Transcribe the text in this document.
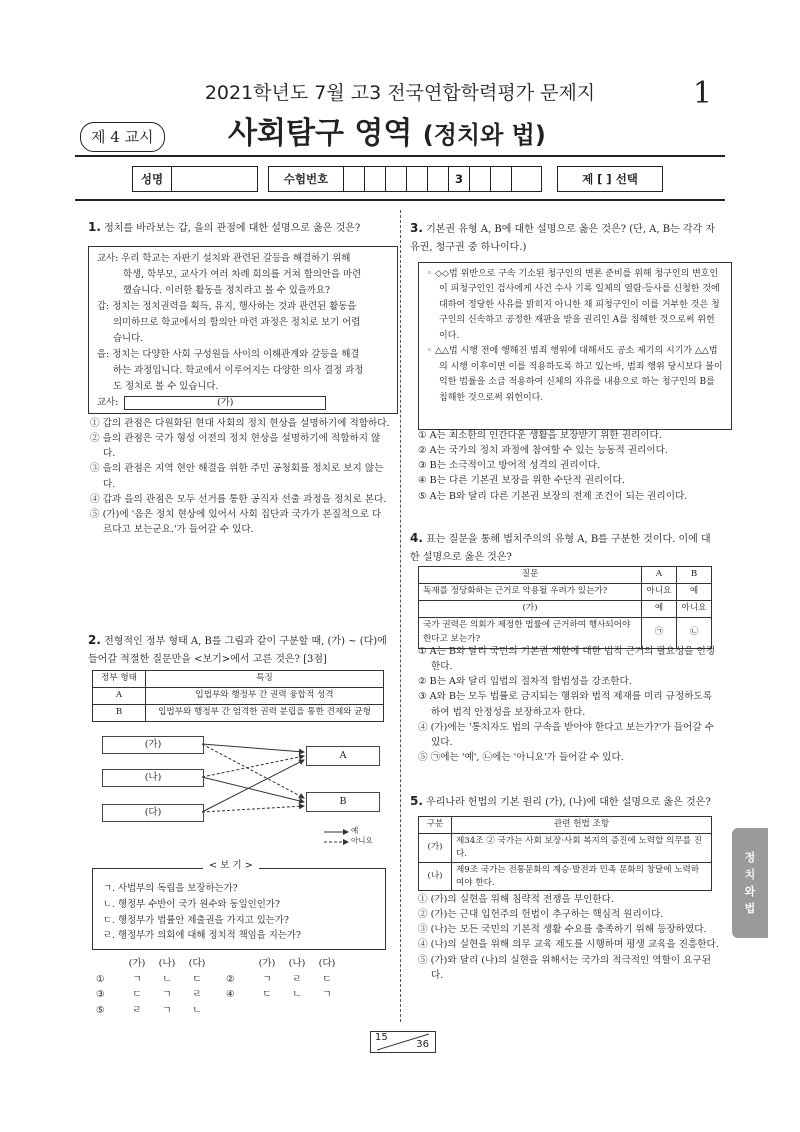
2021학년도 7월 고3 전국연합학력평가 문제지	1
제 4 교시	사회탐구 영역 (정치와 법)
성명	수험번호	3	제 [ ] 선택
1. 정치를 바라보는 갑, 을의 관점에 대한 설명으로 옳은 것은?
교사: 우리 학교는 자판기 설치와 관련된 갈등을 해결하기 위해
학생, 학부모, 교사가 여러 차례 회의를 거쳐 합의안을 마련
했습니다. 이러한 활동을 정치라고 볼 수 있을까요?
갑: 정치는 정치권력을 획득, 유지, 행사하는 것과 관련된 활동을
의미하므로 학교에서의 합의안 마련 과정은 정치로 보기 어렵
습니다.
을: 정치는 다양한 사회 구성원들 사이의 이해관계와 갈등을 해결
하는 과정입니다. 학교에서 이루어지는 다양한 의사 결정 과정
도 정치로 볼 수 있습니다.
교사:	(가)
① 갑의 관점은 다원화된 현대 사회의 정치 현상을 설명하기에 적합하다.
② 을의 관점은 국가 형성 이전의 정치 현상을 설명하기에 적합하지 않다.
③ 을의 관점은 지역 현안 해결을 위한 주민 공청회를 정치로 보지 않는다.
④ 갑과 을의 관점은 모두 선거를 통한 공직자 선출 과정을 정치로 본다.
⑤ (가)에 '음은 정치 현상에 있어서 사회 집단과 국가가 본질적으로 다르다고 보는군요.'가 들어갈 수 있다.
2. 전형적인 정부 형태 A, B를 그림과 같이 구분할 때, (가) ~ (다)에 들어갈 적절한 질문만을 <보기>에서 고른 것은? [3점]
정부 형태	특징
A	입법부와 행정부 간 권력 융합적 성격
B	입법부와 행정부 간 엄격한 권력 분립을 통한 견제와 균형
(가)
(나)
(다)
A
B
예
아니요
< 보 기 >
ㄱ. 사법부의 독립을 보장하는가?
ㄴ. 행정부 수반이 국가 원수와 동일인인가?
ㄷ. 행정부가 법률안 제출권을 가지고 있는가?
ㄹ. 행정부가 의회에 대해 정치적 책임을 지는가?
(가)	(나)	(다)	(가)	(나)	(다)
①	ㄱ	ㄴ	ㄷ	②	ㄱ	ㄹ	ㄷ
③	ㄷ	ㄱ	ㄹ	④	ㄷ	ㄴ	ㄱ
⑤	ㄹ	ㄱ	ㄴ
3. 기본권 유형 A, B에 대한 설명으로 옳은 것은? (단, A, B는 각각 자유권, 청구권 중 하나이다.)
◦ ◇◇법 위반으로 구속 기소된 청구인의 변론 준비를 위해 청구인의 변호인이 피청구인인 검사에게 사건 수사 기록 일체의 열람·등사를 신청한 것에 대하여 정당한 사유를 밝히지 아니한 채 피청구인이 이를 거부한 것은 청구인의 신속하고 공정한 재판을 받을 권리인 A를 침해한 것으로써 위헌이다.
◦ △△법 시행 전에 행해진 범죄 행위에 대해서도 공소 제기의 시기가 △△법의 시행 이후이면 이를 적용하도록 하고 있는바, 범죄 행위 당시보다 불이익한 법률을 소급 적용하여 신체의 자유를 내용으로 하는 청구인의 B를 침해한 것으로써 위헌이다.
① A는 최소한의 인간다운 생활을 보장받기 위한 권리이다.
② A는 국가의 정치 과정에 참여할 수 있는 능동적 권리이다.
③ B는 소극적이고 방어적 성격의 권리이다.
④ B는 다른 기본권 보장을 위한 수단적 권리이다.
⑤ A는 B와 달리 다른 기본권 보장의 전제 조건이 되는 권리이다.
4. 표는 질문을 통해 법치주의의 유형 A, B를 구분한 것이다. 이에 대한 설명으로 옳은 것은?
질문	A	B
독재를 정당화하는 근거로 악용될 우려가 있는가?	아니요	예
(가)	예	아니요
국가 권력은 의회가 제정한 법률에 근거하여 행사되어야 한다고 보는가?	㉠	㉡
① A는 B와 달리 국민의 기본권 제한에 대한 법적 근거의 필요성을 인정한다.
② B는 A와 달리 입법의 절차적 합법성을 강조한다.
③ A와 B는 모두 법률로 금지되는 행위와 법적 제재를 미리 규정하도록 하여 법적 안정성을 보장하고자 한다.
④ (가)에는 '통치자도 법의 구속을 받아야 한다고 보는가?'가 들어갈 수 있다.
⑤ ㉠에는 '예', ㉡에는 '아니요'가 들어갈 수 있다.
5. 우리나라 헌법의 기본 원리 (가), (나)에 대한 설명으로 옳은 것은?
구분	관련 헌법 조항
(가)	제34조 ② 국가는 사회 보장·사회 복지의 증진에 노력할 의무를 진다.
(나)	제9조 국가는 전통문화의 계승·발전과 민족 문화의 창달에 노력하여야 한다.
① (가)의 실현을 위해 침략적 전쟁을 부인한다.
② (가)는 근대 입헌주의 헌법이 추구하는 핵심적 원리이다.
③ (나)는 모든 국민의 기본적 생활 수요를 충족하기 위해 등장하였다.
④ (나)의 실현을 위해 의무 교육 제도를 시행하며 평생 교육을 진흥한다.
⑤ (가)와 달리 (나)의 실현을 위해서는 국가의 적극적인 역할이 요구된다.
정
치
와
법
15
36
